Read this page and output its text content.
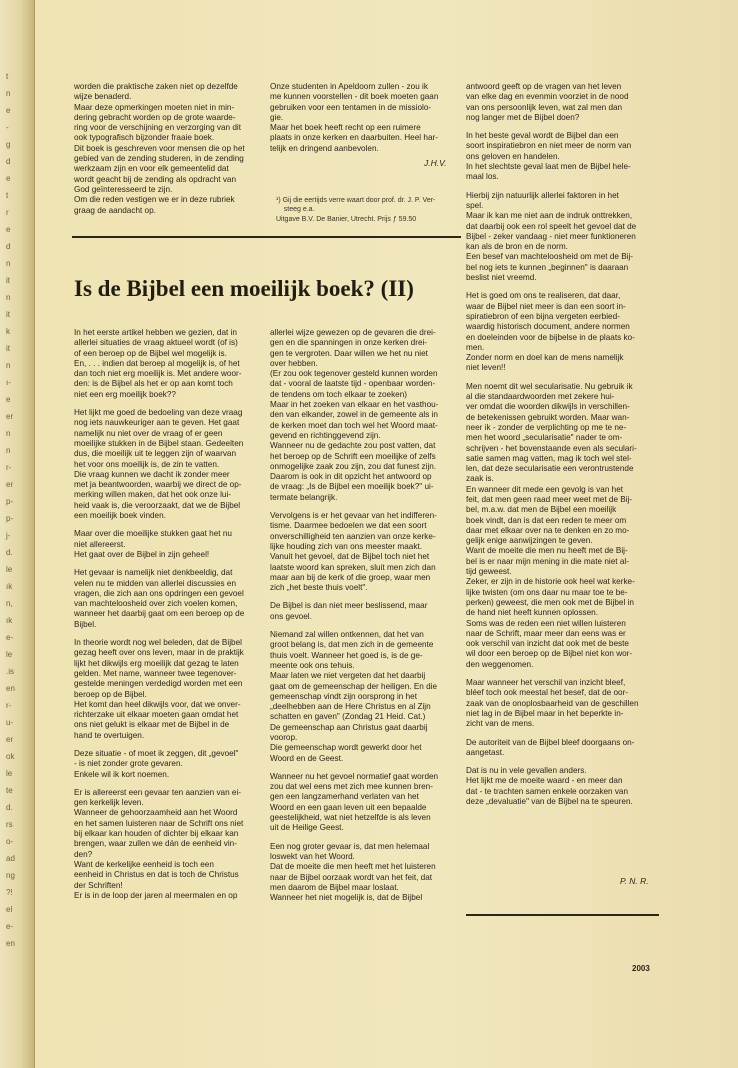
t
n
e
-
g
d
e
t
r
e
d
n
it
n
it
k
it
n
ı-
e
er
n
n
r-
er
p-
p-
j-
d.
le
ık
n,
ık
e-
le
.is
en
r-
u-
er
ok
le
te
d.
rs
o-
ad
ng
?!
el
e-
en

worden die praktische zaken niet op dezelfde
wijze benaderd.
Maar deze opmerkingen moeten niet in min-
dering gebracht worden op de grote waarde-
ring voor de verschijning en verzorging van dit
ook typografisch bijzonder fraaie boek.
Dit boek is geschreven voor mensen die op het
gebied van de zending studeren, in de zending
werkzaam zijn en voor elk gemeentelid dat
wordt geacht bij de zending als opdracht van
God geïnteresseerd te zijn.
Om die reden vestigen we er in deze rubriek
graag de aandacht op.

Onze studenten in Apeldoorn zullen - zou ik
me kunnen voorstellen - dit boek moeten gaan
gebruiken voor een tentamen in de missiolo-
gie.
Maar het boek heeft recht op een ruimere
plaats in onze kerken en daarbuiten. Heel har-
telijk en dringend aanbevolen.

J.H.V.
¹) Gij die eertijds verre waart door prof. dr. J. P. Ver-
steeg e.a.
Uitgave B.V. De Banier, Utrecht. Prijs ƒ 59.50
Is de Bijbel een moeilijk boek? (II)

In het eerste artikel hebben we gezien, dat in
allerlei situaties de vraag aktueel wordt (of is)
of een beroep op de Bijbel wel mogelijk is.
En, . . . indien dat beroep al mogelijk is, of het
dan toch niet erg moeilijk is. Met andere woor-
den: is de Bijbel als het er op aan komt toch
niet een erg moeilijk boek??

Het lijkt me goed de bedoeling van deze vraag
nog iets nauwkeuriger aan te geven. Het gaat
namelijk nu niet over de vraag of er geen
moeilijke stukken in de Bijbel staan. Gedeelten
dus, die moeilijk uit te leggen zijn of waarvan
het voor ons moeilijk is, de zin te vatten.
Die vraag kunnen we dacht ik zonder meer
met ja beantwoorden, waarbij we direct de op-
merking willen maken, dat het ook onze lui-
heid vaak is, die veroorzaakt, dat we de Bijbel
een moeilijk boek vinden.

Maar over die moeilijke stukken gaat het nu
niet allereerst.
Het gaat over de Bijbel in zijn geheel!

Het gevaar is namelijk niet denkbeeldig, dat
velen nu te midden van allerlei discussies en
vragen, die zich aan ons opdringen een gevoel
van machteloosheid over zich voelen komen,
wanneer het daarbij gaat om een beroep op de
Bijbel.

In theorie wordt nog wel beleden, dat de Bijbel
gezag heeft over ons leven, maar in de praktijk
lijkt het dikwijls erg moeilijk dat gezag te laten
gelden. Met name, wanneer twee tegenover-
gestelde meningen verdedigd worden met een
beroep op de Bijbel.
Het komt dan heel dikwijls voor, dat we onver-
richterzake uit elkaar moeten gaan omdat het
ons niet gelukt is elkaar met de Bijbel in de
hand te overtuigen.

Deze situatie - of moet ik zeggen, dit „gevoel"
- is niet zonder grote gevaren.
Enkele wil ik kort noemen.

Er is allereerst een gevaar ten aanzien van ei-
gen kerkelijk leven.
Wanneer de gehoorzaamheid aan het Woord
en het samen luisteren naar de Schrift ons niet
bij elkaar kan houden of dichter bij elkaar kan
brengen, waar zullen we dán de eenheid vin-
den?
Want de kerkelijke eenheid is toch een
eenheid in Christus en dat is toch de Christus
der Schriften!
Er is in de loop der jaren al meermalen en op

allerlei wijze gewezen op de gevaren die drei-
gen en die spanningen in onze kerken drei-
gen te vergroten. Daar willen we het nu niet
over hebben.
(Er zou ook tegenover gesteld kunnen worden
dat - vooral de laatste tijd - openbaar worden-
de tendens om toch elkaar te zoeken)
Maar in het zoeken van elkaar en het vasthou-
den van elkander, zowel in de gemeente als in
de kerken moet dan toch wel het Woord maat-
gevend en richtinggevend zijn.
Wanneer nu de gedachte zou post vatten, dat
het beroep op de Schrift een moeilijke of zelfs
onmogelijke zaak zou zijn, zou dat funest zijn.
Daarom is ook in dit opzicht het antwoord op
de vraag: „Is de Bijbel een moeilijk boek?" ui-
termate belangrijk.

Vervolgens is er het gevaar van het indifferen-
tisme. Daarmee bedoelen we dat een soort
onverschilligheid ten aanzien van onze kerke-
lijke houding zich van ons meester maakt.
Vanuit het gevoel, dat de Bijbel toch niet het
laatste woord kan spreken, sluit men zich dan
maar aan bij de kerk of die groep, waar men
zich „het beste thuis voelt".

De Bijbel is dan niet meer beslissend, maar
ons gevoel.

Niemand zal willen ontkennen, dat het van
groot belang is, dat men zich in de gemeente
thuis voelt. Wanneer het goed is, is de ge-
meente ook ons tehuis.
Maar laten we niet vergeten dat het daarbij
gaat om de gemeenschap der heiligen. En die
gemeenschap vindt zijn oorsprong in het
„deelhebben aan de Here Christus en al Zijn
schatten en gaven" (Zondag 21 Heid. Cat.)
De gemeenschap aan Christus gaat daarbij
voorop.
Die gemeenschap wordt gewerkt door het
Woord en de Geest.

Wanneer nu het gevoel normatief gaat worden
zou dat wel eens met zich mee kunnen bren-
gen een langzamerhand verlaten van het
Woord en een gaan leven uit een bepaalde
geestelijkheid, wat niet hetzelfde is als leven
uit de Heilige Geest.

Een nog groter gevaar is, dat men helemaal
loswekt van het Woord.
Dat de moeite die men heeft met het luisteren
naar de Bijbel oorzaak wordt van het feit, dat
men daarom de Bijbel maar loslaat.
Wanneer het niet mogelijk is, dat de Bijbel

antwoord geeft op de vragen van het leven
van elke dag en evenmin voorziet in de nood
van ons persoonlijk leven, wat zal men dan
nog langer met de Bijbel doen?

In het beste geval wordt de Bijbel dan een
soort inspiratiebron en niet meer de norm van
ons geloven en handelen.
In het slechtste geval laat men de Bijbel hele-
maal los.

Hierbij zijn natuurlijk allerlei faktoren in het
spel.
Maar ik kan me niet aan de indruk onttrekken,
dat daarbij ook een rol speelt het gevoel dat de
Bijbel - zeker vandaag - niet meer funktioneren
kan als de bron en de norm.
Een besef van machteloosheid om met de Bij-
bel nog iets te kunnen „beginnen" is daaraan
beslist niet vreemd.

Het is goed om ons te realiseren, dat daar,
waar de Bijbel niet meer is dan een soort in-
spiratiebron of een bijna vergeten eerbied-
waardig historisch document, andere normen
en doeleinden voor de bijbelse in de plaats ko-
men.
Zonder norm en doel kan de mens namelijk
niet leven!!

Men noemt dit wel secularisatie. Nu gebruik ik
al die standaardwoorden met zekere hui-
ver omdat die woorden dikwijls in verschillen-
de betekenissen gebruikt worden. Maar wan-
neer ik - zonder de verplichting op me te ne-
men het woord „secularisatie" nader te om-
schrijven - het bovenstaande even als seculari-
satie samen mag vatten, mag ik toch wel stel-
len, dat deze secularisatie een verontrustende
zaak is.
En wanneer dit mede een gevolg is van het
feit, dat men geen raad meer weet met de Bij-
bel, m.a.w. dat men de Bijbel een moeilijk
boek vindt, dan is dat een reden te meer om
daar met elkaar over na te denken en zo mo-
gelijk enige aanwijzingen te geven.
Want de moeite die men nu heeft met de Bij-
bel is er naar mijn mening in die mate niet al-
tijd geweest.
Zeker, er zijn in de historie ook heel wat kerke-
lijke twisten (om ons daar nu maar toe te be-
perken) geweest, die men ook met de Bijbel in
de hand niet heeft kunnen oplossen.
Soms was de reden een niet willen luisteren
naar de Schrift, maar meer dan eens was er
ook verschil van inzicht dat ook met de beste
wil door een beroep op de Bijbel niet kon wor-
den weggenomen.

Maar wanneer het verschil van inzicht bleef,
bléef toch ook meestal het besef, dat de oor-
zaak van de onoplosbaarheid van de geschillen
niet lag in de Bijbel maar in het beperkte in-
zicht van de mens.

De autoriteit van de Bijbel bleef doorgaans on-
aangetast.

Dat is nu in vele gevallen anders.
Het lijkt me de moeite waard - en meer dan
dat - te trachten samen enkele oorzaken van
deze „devaluatie" van de Bijbel na te speuren.

P. N. R.
2003
